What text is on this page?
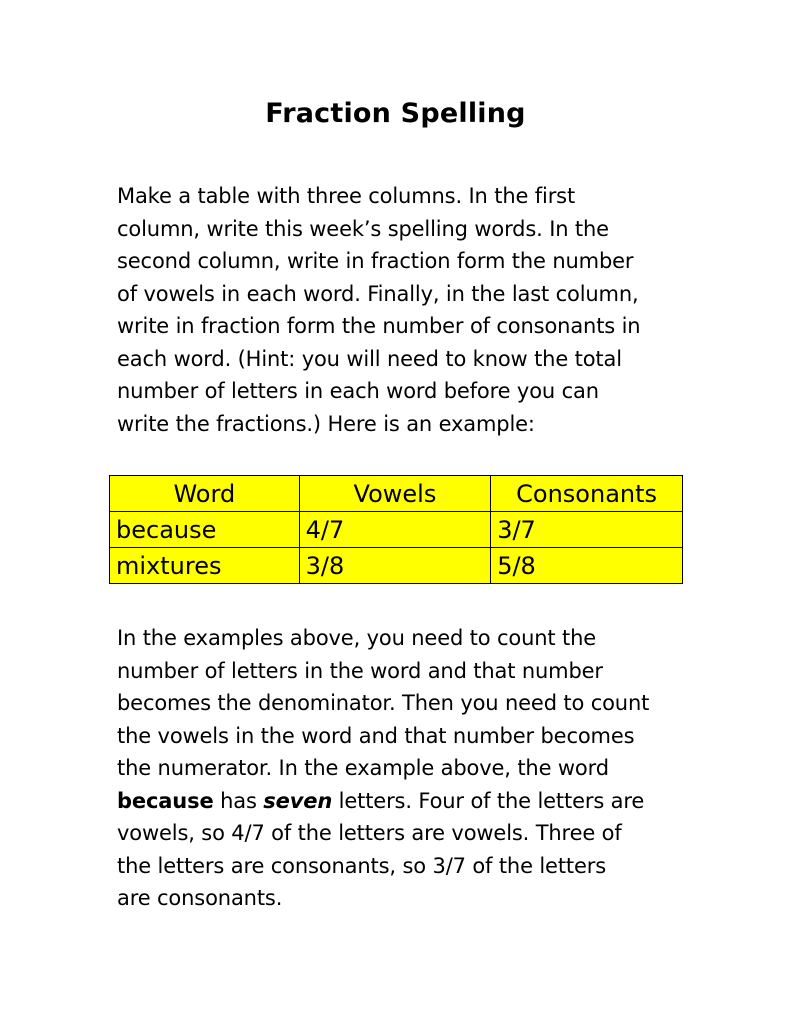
Fraction Spelling

Make a table with three columns. In the first
column, write this week’s spelling words. In the
second column, write in fraction form the number
of vowels in each word. Finally, in the last column,
write in fraction form the number of consonants in
each word. (Hint: you will need to know the total
number of letters in each word before you can
write the fractions.) Here is an example:

Word	Vowels	Consonants
because	4/7	3/7
mixtures	3/8	5/8

In the examples above, you need to count the
number of letters in the word and that number
becomes the denominator. Then you need to count
the vowels in the word and that number becomes
the numerator. In the example above, the word
because has seven letters. Four of the letters are
vowels, so 4/7 of the letters are vowels. Three of
the letters are consonants, so 3/7 of the letters
are consonants.
